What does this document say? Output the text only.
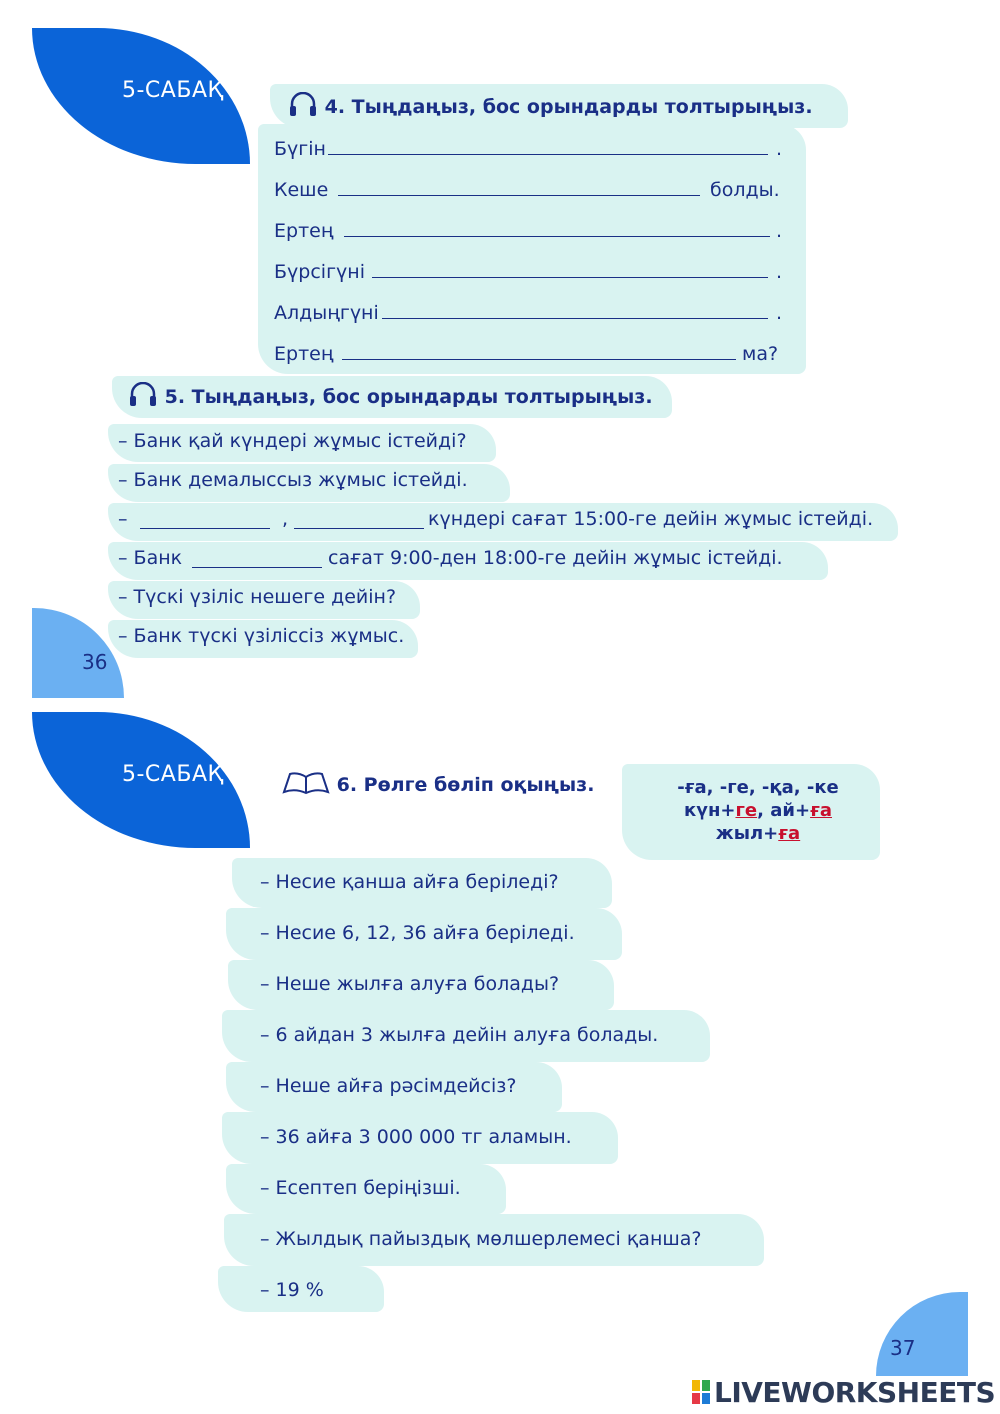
5-САБАҚ
4. Тыңдаңыз, бос орындарды толтырыңыз.
Бүгін	.
Кеше	болды.
Ертең	.
Бүрсігүні	.
Алдыңгүні	.
Ертең	ма?
5. Тыңдаңыз, бос орындарды толтырыңыз.
– Банк қай күндері жұмыс істейді?
– Банк демалыссыз жұмыс істейді.
–	,	күндері сағат 15:00-ге дейін жұмыс істейді.
– Банк	сағат 9:00-ден 18:00-ге дейін жұмыс істейді.
– Түскі үзіліс нешеге дейін?
– Банк түскі үзіліссіз жұмыс.
36
5-САБАҚ	6. Рөлге бөліп оқыңыз.	-ға, -ге, -қа, -ке
күн+ге, ай+ға
жыл+ға
– Несие қанша айға беріледі?
– Несие 6, 12, 36 айға беріледі.
– Неше жылға алуға болады?
– 6 айдан 3 жылға дейін алуға болады.
– Неше айға рәсімдейсіз?
– 36 айға 3 000 000 тг аламын.
– Есептеп беріңізші.
– Жылдық пайыздық мөлшерлемесі қанша?
– 19 %
37
LIVEWORKSHEETS
